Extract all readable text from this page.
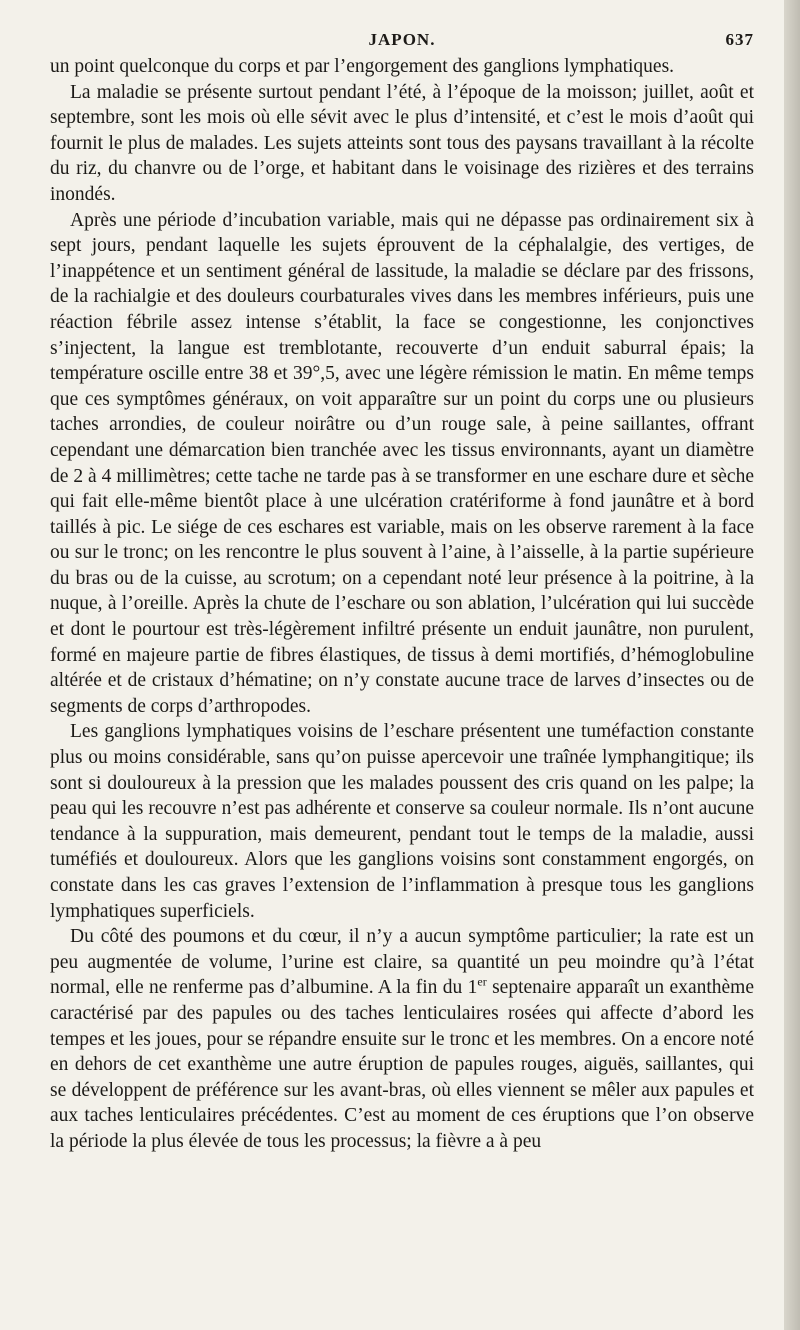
JAPON.	637

un point quelconque du corps et par l’engorgement des ganglions lymphatiques.

La maladie se présente surtout pendant l’été, à l’époque de la moisson; juillet, août et septembre, sont les mois où elle sévit avec le plus d’intensité, et c’est le mois d’août qui fournit le plus de malades. Les sujets atteints sont tous des paysans travaillant à la récolte du riz, du chanvre ou de l’orge, et habitant dans le voisinage des rizières et des terrains inondés.

Après une période d’incubation variable, mais qui ne dépasse pas ordinairement six à sept jours, pendant laquelle les sujets éprouvent de la céphalalgie, des vertiges, de l’inappétence et un sentiment général de lassitude, la maladie se déclare par des frissons, de la rachialgie et des douleurs courbaturales vives dans les membres inférieurs, puis une réaction fébrile assez intense s’établit, la face se congestionne, les conjonctives s’injectent, la langue est tremblotante, recouverte d’un enduit saburral épais; la température oscille entre 38 et 39°,5, avec une légère rémission le matin. En même temps que ces symptômes généraux, on voit apparaître sur un point du corps une ou plusieurs taches arrondies, de couleur noirâtre ou d’un rouge sale, à peine saillantes, offrant cependant une démarcation bien tranchée avec les tissus environnants, ayant un diamètre de 2 à 4 millimètres; cette tache ne tarde pas à se transformer en une eschare dure et sèche qui fait elle-même bientôt place à une ulcération cratériforme à fond jaunâtre et à bord taillés à pic. Le siége de ces eschares est variable, mais on les observe rarement à la face ou sur le tronc; on les rencontre le plus souvent à l’aine, à l’aisselle, à la partie supérieure du bras ou de la cuisse, au scrotum; on a cependant noté leur présence à la poitrine, à la nuque, à l’oreille. Après la chute de l’eschare ou son ablation, l’ulcération qui lui succède et dont le pourtour est très-légèrement infiltré présente un enduit jaunâtre, non purulent, formé en majeure partie de fibres élastiques, de tissus à demi mortifiés, d’hémoglobuline altérée et de cristaux d’hématine; on n’y constate aucune trace de larves d’insectes ou de segments de corps d’arthropodes.

Les ganglions lymphatiques voisins de l’eschare présentent une tuméfaction constante plus ou moins considérable, sans qu’on puisse apercevoir une traînée lymphangitique; ils sont si douloureux à la pression que les malades poussent des cris quand on les palpe; la peau qui les recouvre n’est pas adhérente et conserve sa couleur normale. Ils n’ont aucune tendance à la suppuration, mais demeurent, pendant tout le temps de la maladie, aussi tuméfiés et douloureux. Alors que les ganglions voisins sont constamment engorgés, on constate dans les cas graves l’extension de l’inflammation à presque tous les ganglions lymphatiques superficiels.

Du côté des poumons et du cœur, il n’y a aucun symptôme particulier; la rate est un peu augmentée de volume, l’urine est claire, sa quantité un peu moindre qu’à l’état normal, elle ne renferme pas d’albumine. A la fin du 1er septenaire apparaît un exanthème caractérisé par des papules ou des taches lenticulaires rosées qui affecte d’abord les tempes et les joues, pour se répandre ensuite sur le tronc et les membres. On a encore noté en dehors de cet exanthème une autre éruption de papules rouges, aiguës, saillantes, qui se développent de préférence sur les avant-bras, où elles viennent se mêler aux papules et aux taches lenticulaires précédentes. C’est au moment de ces éruptions que l’on observe la période la plus élevée de tous les processus; la fièvre a à peu
